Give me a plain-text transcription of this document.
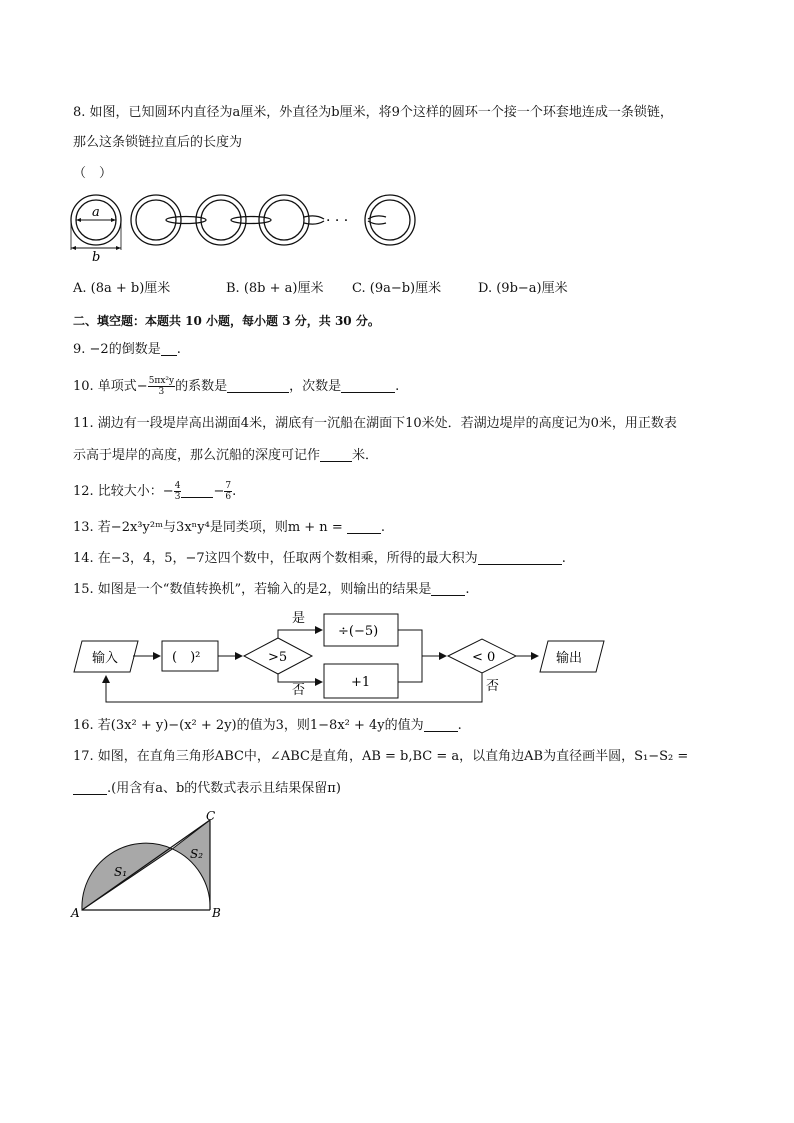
8. 如图，已知圆环内直径为a厘米，外直径为b厘米，将9个这样的圆环一个接一个环套地连成一条锁链，
那么这条锁链拉直后的长度为
（　）
a
b
· · ·
A. (8a + b)厘米	B. (8b + a)厘米 C. (9a−b)厘米	D. (9b−a)厘米
二、填空题：本题共 10 小题，每小题 3 分，共 30 分。
9. −2的倒数是 .
10. 单项式− $\frac{\text{5πx²y}}{3}$ 的系数是	，次数是	.
11. 湖边有一段堤岸高出湖面4米，湖底有一沉船在湖面下10米处．若湖边堤岸的高度记为0米，用正数表
示高于堤岸的高度，那么沉船的深度可记作 米．
12. 比较大小：− $\frac{4}{3} - \frac{7}{6}$ .
13. 若−2x³y²ᵐ与3xⁿy⁴是同类项，则m + n =	.
14. 在−3，4，5，−7这四个数中，任取两个数相乘，所得的最大积为	.
15. 如图是一个“数值转换机”，若输入的是2，则输出的结果是	.
输入	(　)²	>5
是
否
÷(−5)
+1
< 0	输出
否
16. 若(3x² + y)−(x² + 2y)的值为3，则1−8x² + 4y的值为	.
17. 如图，在直角三角形ABC中，∠ABC是直角，AB = b,BC = a，以直角边AB为直径画半圆，S₁−S₂ =
.(用含有a、b的代数式表示且结果保留π)
S₁
S₂
A	B
C
